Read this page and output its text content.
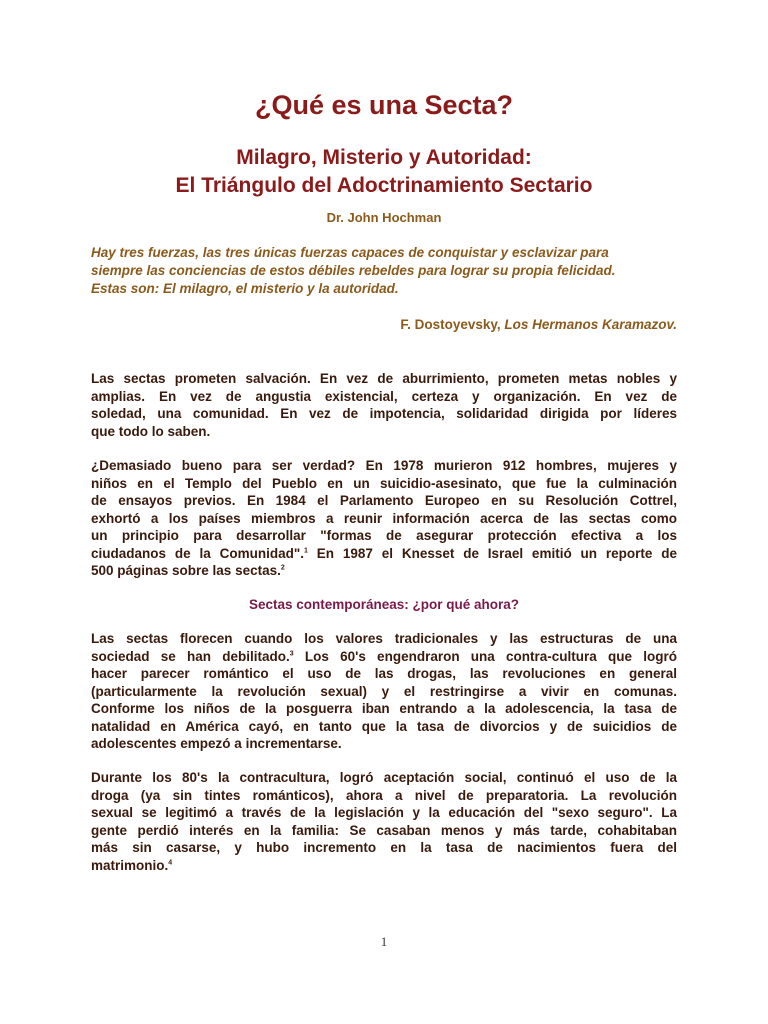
¿Qué es una Secta?
Milagro, Misterio y Autoridad:
El Triángulo del Adoctrinamiento Sectario
Dr. John Hochman

Hay tres fuerzas, las tres únicas fuerzas capaces de conquistar y esclavizar para
siempre las conciencias de estos débiles rebeldes para lograr su propia felicidad.
Estas son: El milagro, el misterio y la autoridad.

F. Dostoyevsky, Los Hermanos Karamazov.

Las sectas prometen salvación. En vez de aburrimiento, prometen metas nobles y
amplias. En vez de angustia existencial, certeza y organización. En vez de
soledad, una comunidad. En vez de impotencia, solidaridad dirigida por líderes
que todo lo saben.

¿Demasiado bueno para ser verdad? En 1978 murieron 912 hombres, mujeres y
niños en el Templo del Pueblo en un suicidio-asesinato, que fue la culminación
de ensayos previos. En 1984 el Parlamento Europeo en su Resolución Cottrel,
exhortó a los países miembros a reunir información acerca de las sectas como
un principio para desarrollar "formas de asegurar protección efectiva a los
ciudadanos de la Comunidad".$^1$ En 1987 el Knesset de Israel emitió un reporte de
500 páginas sobre las sectas.$^2$

Sectas contemporáneas: ¿por qué ahora?

Las sectas florecen cuando los valores tradicionales y las estructuras de una
sociedad se han debilitado.$^3$ Los 60's engendraron una contra-cultura que logró
hacer parecer romántico el uso de las drogas, las revoluciones en general
(particularmente la revolución sexual) y el restringirse a vivir en comunas.
Conforme los niños de la posguerra iban entrando a la adolescencia, la tasa de
natalidad en América cayó, en tanto que la tasa de divorcios y de suicidios de
adolescentes empezó a incrementarse.

Durante los 80's la contracultura, logró aceptación social, continuó el uso de la
droga (ya sin tintes románticos), ahora a nivel de preparatoria. La revolución
sexual se legitimó a través de la legislación y la educación del "sexo seguro". La
gente perdió interés en la familia: Se casaban menos y más tarde, cohabitaban
más sin casarse, y hubo incremento en la tasa de nacimientos fuera del
matrimonio.$^4$

1
